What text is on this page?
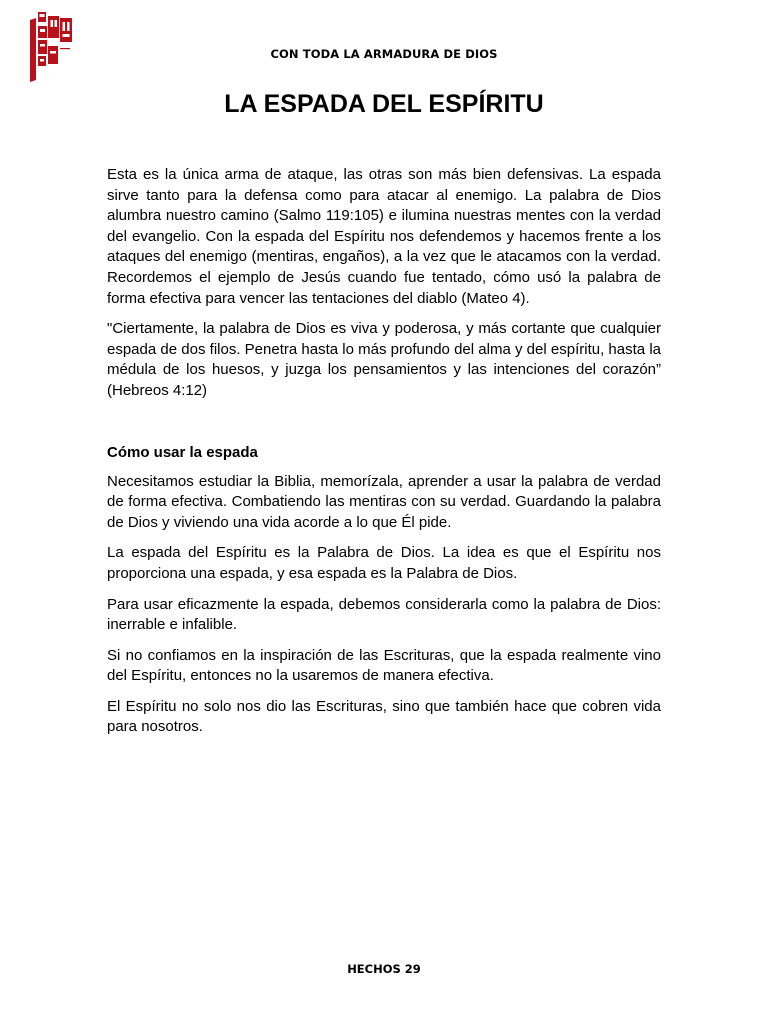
CON TODA LA ARMADURA DE DIOS
LA ESPADA DEL ESPÍRITU

Esta es la única arma de ataque, las otras son más bien defensivas. La espada sirve tanto para la defensa como para atacar al enemigo. La palabra de Dios alumbra nuestro camino (Salmo 119:105) e ilumina nuestras mentes con la verdad del evangelio. Con la espada del Espíritu nos defendemos y hacemos frente a los ataques del enemigo (mentiras, engaños), a la vez que le atacamos con la verdad. Recordemos el ejemplo de Jesús cuando fue tentado, cómo usó la palabra de forma efectiva para vencer las tentaciones del diablo (Mateo 4).

"Ciertamente, la palabra de Dios es viva y poderosa, y más cortante que cualquier espada de dos filos. Penetra hasta lo más profundo del alma y del espíritu, hasta la médula de los huesos, y juzga los pensamientos y las intenciones del corazón” (Hebreos 4:12)

Cómo usar la espada

Necesitamos estudiar la Biblia, memorízala, aprender a usar la palabra de verdad de forma efectiva. Combatiendo las mentiras con su verdad. Guardando la palabra de Dios y viviendo una vida acorde a lo que Él pide.

La espada del Espíritu es la Palabra de Dios. La idea es que el Espíritu nos proporciona una espada, y esa espada es la Palabra de Dios.

Para usar eficazmente la espada, debemos considerarla como la palabra de Dios: inerrable e infalible.

Si no confiamos en la inspiración de las Escrituras, que la espada realmente vino del Espíritu, entonces no la usaremos de manera efectiva.

El Espíritu no solo nos dio las Escrituras, sino que también hace que cobren vida para nosotros.

HECHOS 29
